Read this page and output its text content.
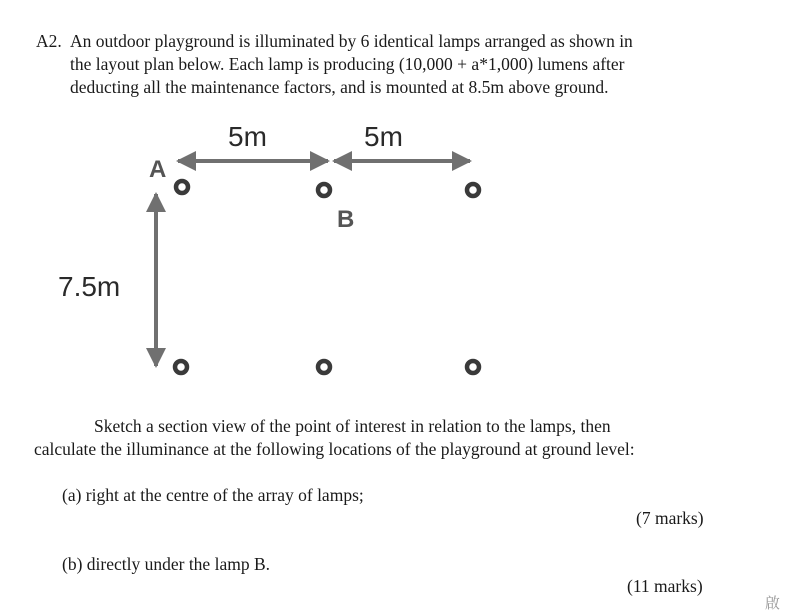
A2. An outdoor playground is illuminated by 6 identical lamps arranged as shown in
the layout plan below. Each lamp is producing (10,000 + a*1,000) lumens after
deducting all the maintenance factors, and is mounted at 8.5m above ground.
5m	5m
7.5m
A
B
Sketch a section view of the point of interest in relation to the lamps, then
calculate the illuminance at the following locations of the playground at ground level:
(a) right at the centre of the array of lamps;
(7 marks)
(b) directly under the lamp B.
(11 marks)
啟
